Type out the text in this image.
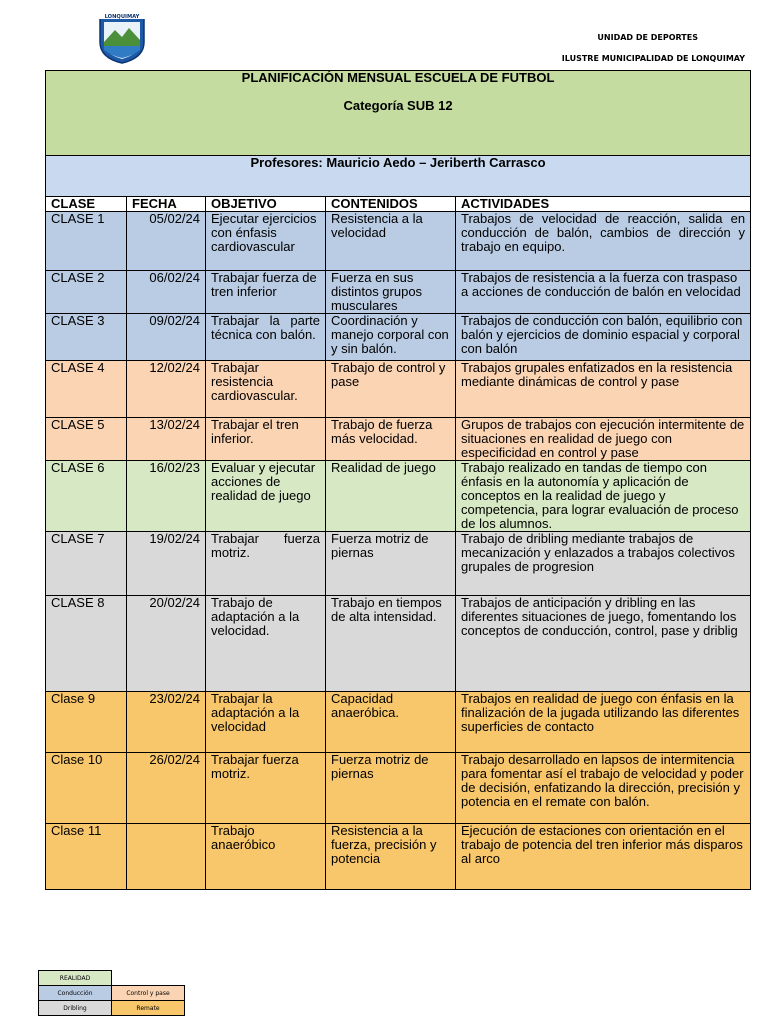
LONQUIMAY
UNIDAD DE DEPORTES
ILUSTRE MUNICIPALIDAD DE LONQUIMAY
PLANIFICACIÓN MENSUAL ESCUELA DE FUTBOL
Categoría SUB 12				

Profesores: Mauricio Aedo – Jeriberth Carrasco				
CLASE	FECHA	OBJETIVO	CONTENIDOS	ACTIVIDADES
CLASE 1	05/02/24	Ejecutar ejercicios con énfasis cardiovascular	Resistencia a la velocidad	Trabajos de velocidad de reacción, salida en conducción de balón, cambios de dirección y trabajo en equipo.
CLASE 2	06/02/24	Trabajar fuerza de tren inferior	Fuerza en sus distintos grupos musculares	Trabajos de resistencia a la fuerza con traspaso a acciones de conducción de balón en velocidad
CLASE 3	09/02/24	Trabajar la parte técnica con balón.	Coordinación y manejo corporal con y sin balón.	Trabajos de conducción con balón, equilibrio con balón y ejercicios de dominio espacial y corporal con balón
CLASE 4	12/02/24	Trabajar resistencia cardiovascular.	Trabajo de control y pase	Trabajos grupales enfatizados en la resistencia mediante dinámicas de control y pase
CLASE 5	13/02/24	Trabajar el tren inferior.	Trabajo de fuerza más velocidad.	Grupos de trabajos con ejecución intermitente de situaciones en realidad de juego con especificidad en control y pase
CLASE 6	16/02/23	Evaluar y ejecutar acciones de realidad de juego	Realidad de juego	Trabajo realizado en tandas de tiempo con énfasis en la autonomía y aplicación de conceptos en la realidad de juego y competencia, para lograr evaluación de proceso de los alumnos.
CLASE 7	19/02/24	Trabajar fuerza motriz.	Fuerza motriz de piernas	Trabajo de dribling mediante trabajos de mecanización y enlazados a trabajos colectivos grupales de progresion
CLASE 8	20/02/24	Trabajo de adaptación a la velocidad.	Trabajo en tiempos de alta intensidad.	Trabajos de anticipación y dribling en las diferentes situaciones de juego, fomentando los conceptos de conducción, control, pase y driblig
Clase 9	23/02/24	Trabajar la adaptación a la velocidad	Capacidad anaeróbica.	Trabajos en realidad de juego con énfasis en la finalización de la jugada utilizando las diferentes superficies de contacto
Clase 10	26/02/24	Trabajar fuerza motriz.	Fuerza motriz de piernas	Trabajo desarrollado en lapsos de intermitencia para fomentar así el trabajo de velocidad y poder de decisión, enfatizando la dirección, precisión y potencia en el remate con balón.
Clase 11		Trabajo anaeróbico	Resistencia a la fuerza, precisión y potencia	Ejecución de estaciones con orientación en el trabajo de potencia del tren inferior más disparos al arco
REALIDAD	
Conducción	Control y pase
Dribling	Remate
